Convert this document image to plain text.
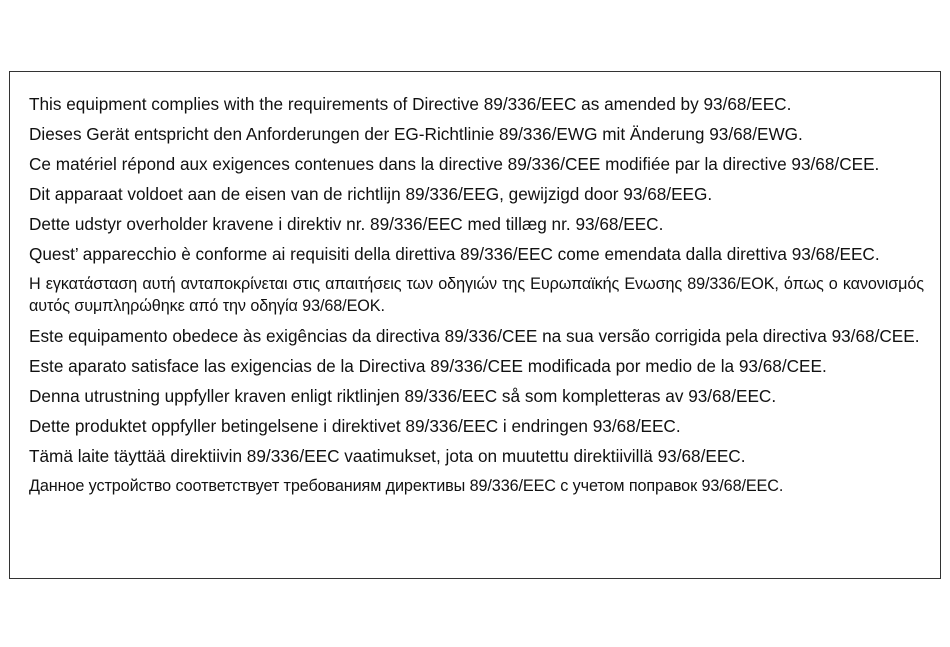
This equipment complies with the requirements of Directive 89/336/EEC as amended by 93/68/EEC.
Dieses Gerät entspricht den Anforderungen der EG-Richtlinie 89/336/EWG mit Änderung 93/68/EWG.
Ce matériel répond aux exigences contenues dans la directive 89/336/CEE modifiée par la directive 93/68/CEE.
Dit apparaat voldoet aan de eisen van de richtlijn 89/336/EEG, gewijzigd door 93/68/EEG.
Dette udstyr overholder kravene i direktiv nr. 89/336/EEC med tillæg nr. 93/68/EEC.
Quest’ apparecchio è conforme ai requisiti della direttiva 89/336/EEC come emendata dalla direttiva 93/68/EEC.
Η εγκατάσταση αυτή ανταποκρίνεται στις απαιτήσεις των οδηγιών της Ευρωπαϊκής Ενωσης 89/336/ΕΟΚ, όπως ο κανονισμός αυτός συμπληρώθηκε από την οδηγία 93/68/ΕΟΚ.
Este equipamento obedece às exigências da directiva 89/336/CEE na sua versão corrigida pela directiva 93/68/CEE.
Este aparato satisface las exigencias de la Directiva 89/336/CEE modificada por medio de la 93/68/CEE.
Denna utrustning uppfyller kraven enligt riktlinjen 89/336/EEC så som kompletteras av 93/68/EEC.
Dette produktet oppfyller betingelsene i direktivet 89/336/EEC i endringen 93/68/EEC.
Tämä laite täyttää direktiivin 89/336/EEC vaatimukset, jota on muutettu direktiivillä 93/68/EEC.
Данное устройство соответствует требованиям директивы 89/336/EEC с учетом поправок 93/68/EEC.
